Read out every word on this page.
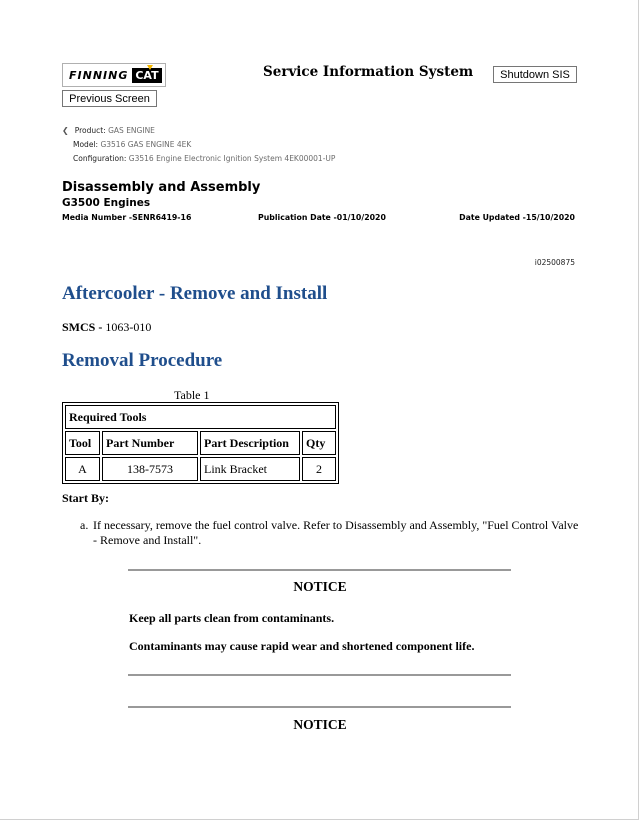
FINNING CAT	Service Information System	Shutdown SIS
Previous Screen
❮ Product: GAS ENGINE
Model: G3516 GAS ENGINE 4EK
Configuration: G3516 Engine Electronic Ignition System 4EK00001-UP
Disassembly and Assembly
G3500 Engines
Media Number -SENR6419-16	Publication Date -01/10/2020	Date Updated -15/10/2020
i02500875
Aftercooler - Remove and Install
SMCS - 1063-010
Removal Procedure
Table 1
Required Tools			
Tool	Part Number	Part Description	Qty
A	138-7573	Link Bracket	2
Start By:
a. If necessary, remove the fuel control valve. Refer to Disassembly and Assembly, "Fuel Control Valve - Remove and Install".
NOTICE
Keep all parts clean from contaminants.
Contaminants may cause rapid wear and shortened component life.
NOTICE
